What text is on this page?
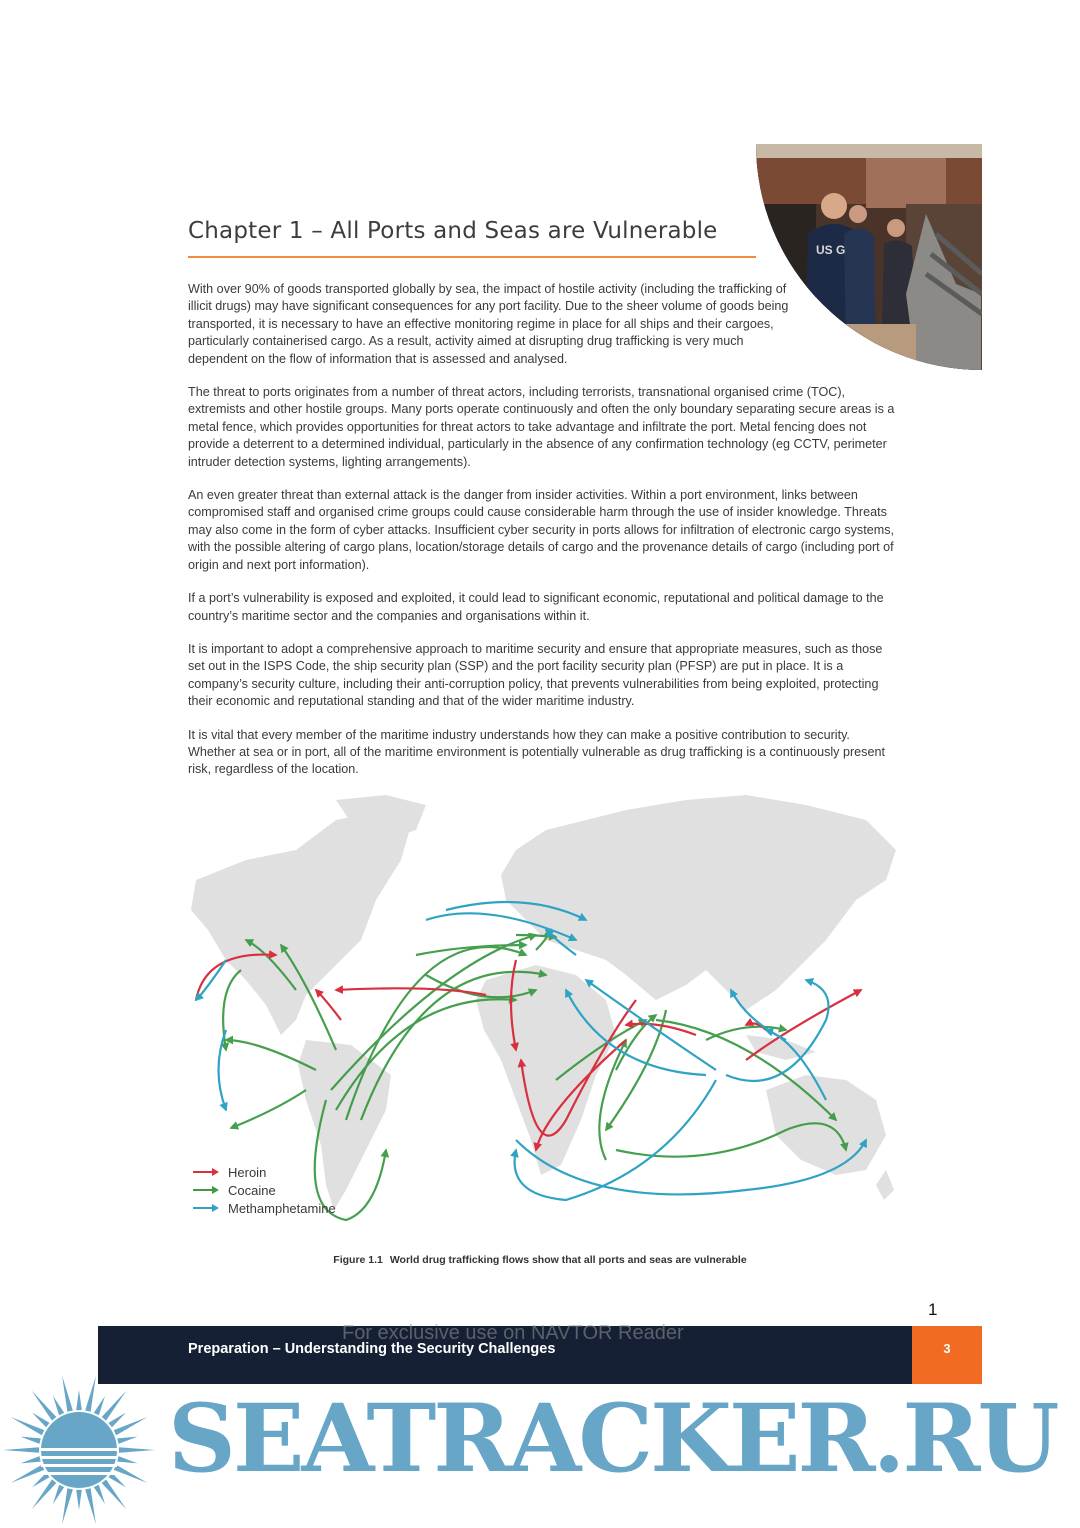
US G
Chapter 1 – All Ports and Seas are Vulnerable

With over 90% of goods transported globally by sea, the impact of hostile activity (including the trafficking of illicit drugs) may have significant consequences for any port facility. Due to the sheer volume of goods being transported, it is necessary to have an effective monitoring regime in place for all ships and their cargoes, particularly containerised cargo. As a result, activity aimed at disrupting drug trafficking is very much dependent on the flow of information that is assessed and analysed.

The threat to ports originates from a number of threat actors, including terrorists, transnational organised crime (TOC), extremists and other hostile groups. Many ports operate continuously and often the only boundary separating secure areas is a metal fence, which provides opportunities for threat actors to take advantage and infiltrate the port. Metal fencing does not provide a deterrent to a determined individual, particularly in the absence of any confirmation technology (eg CCTV, perimeter intruder detection systems, lighting arrangements).

An even greater threat than external attack is the danger from insider activities. Within a port environment, links between compromised staff and organised crime groups could cause considerable harm through the use of insider knowledge. Threats may also come in the form of cyber attacks. Insufficient cyber security in ports allows for infiltration of electronic cargo systems, with the possible altering of cargo plans, location/storage details of cargo and the provenance details of cargo (including port of origin and next port information).

If a port’s vulnerability is exposed and exploited, it could lead to significant economic, reputational and political damage to the country’s maritime sector and the companies and organisations within it.

It is important to adopt a comprehensive approach to maritime security and ensure that appropriate measures, such as those set out in the ISPS Code, the ship security plan (SSP) and the port facility security plan (PFSP) are put in place. It is a company’s security culture, including their anti-corruption policy, that prevents vulnerabilities from being exploited, protecting their economic and reputational standing and that of the wider maritime industry.

It is vital that every member of the maritime industry understands how they can make a positive contribution to security. Whether at sea or in port, all of the maritime environment is potentially vulnerable as drug trafficking is a continuously present risk, regardless of the location.

Heroin
Cocaine
Methamphetamine
Figure 1.1 World drug trafficking flows show that all ports and seas are vulnerable
1
Preparation – Understanding the Security Challenges	3
For exclusive use on NAVTOR Reader
SEATRACKER.RU
